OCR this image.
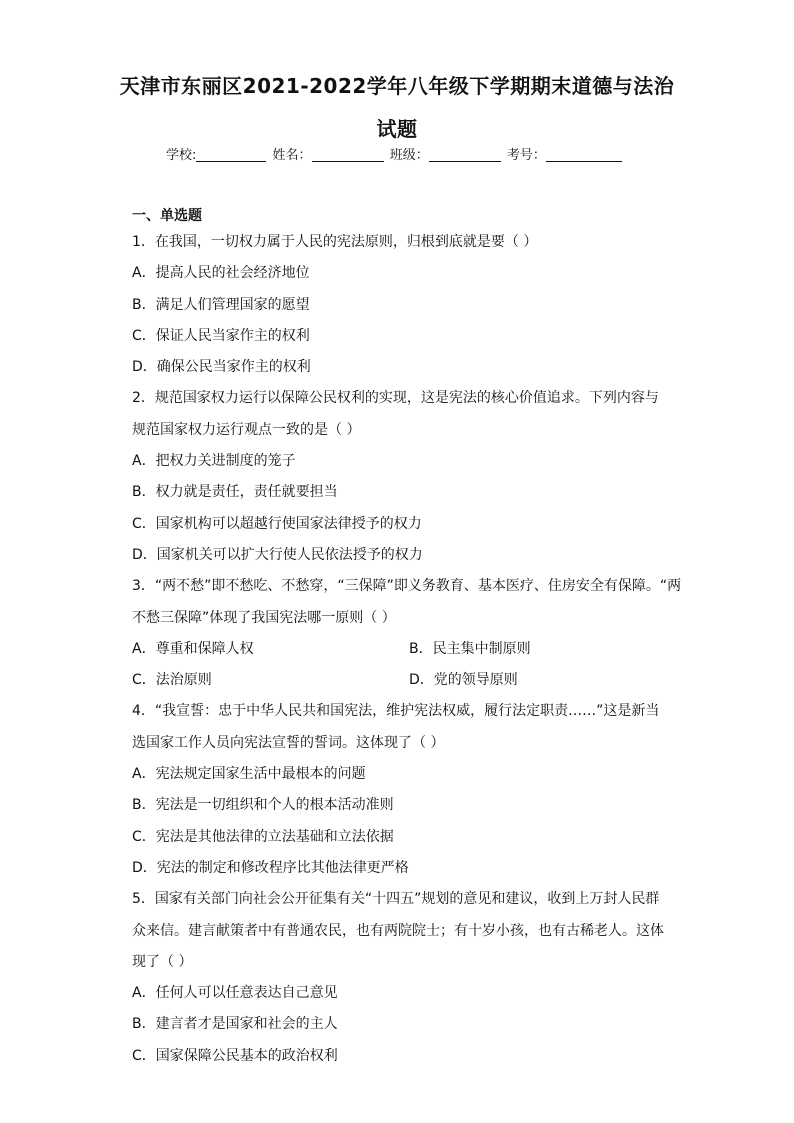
天津市东丽区2021-2022学年八年级下学期期末道德与法治
试题
学校:	姓名：	班级：	考号：
一、单选题
1．在我国，一切权力属于人民的宪法原则，归根到底就是要（ ）
A．提高人民的社会经济地位
B．满足人们管理国家的愿望
C．保证人民当家作主的权利
D．确保公民当家作主的权利
2．规范国家权力运行以保障公民权利的实现，这是宪法的核心价值追求。下列内容与
规范国家权力运行观点一致的是（ ）
A．把权力关进制度的笼子
B．权力就是责任，责任就要担当
C．国家机构可以超越行使国家法律授予的权力
D．国家机关可以扩大行使人民依法授予的权力
3．“两不愁”即不愁吃、不愁穿，“三保障”即义务教育、基本医疗、住房安全有保障。“两
不愁三保障”体现了我国宪法哪一原则（ ）
A．尊重和保障人权	B．民主集中制原则
C．法治原则	D．党的领导原则
4．“我宣誓：忠于中华人民共和国宪法，维护宪法权威，履行法定职责……”这是新当
选国家工作人员向宪法宣誓的誓词。这体现了（ ）
A．宪法规定国家生活中最根本的问题
B．宪法是一切组织和个人的根本活动准则
C．宪法是其他法律的立法基础和立法依据
D．宪法的制定和修改程序比其他法律更严格
5．国家有关部门向社会公开征集有关“十四五”规划的意见和建议，收到上万封人民群
众来信。建言献策者中有普通农民，也有两院院士；有十岁小孩，也有古稀老人。这体
现了（ ）
A．任何人可以任意表达自己意见
B．建言者才是国家和社会的主人
C．国家保障公民基本的政治权利
